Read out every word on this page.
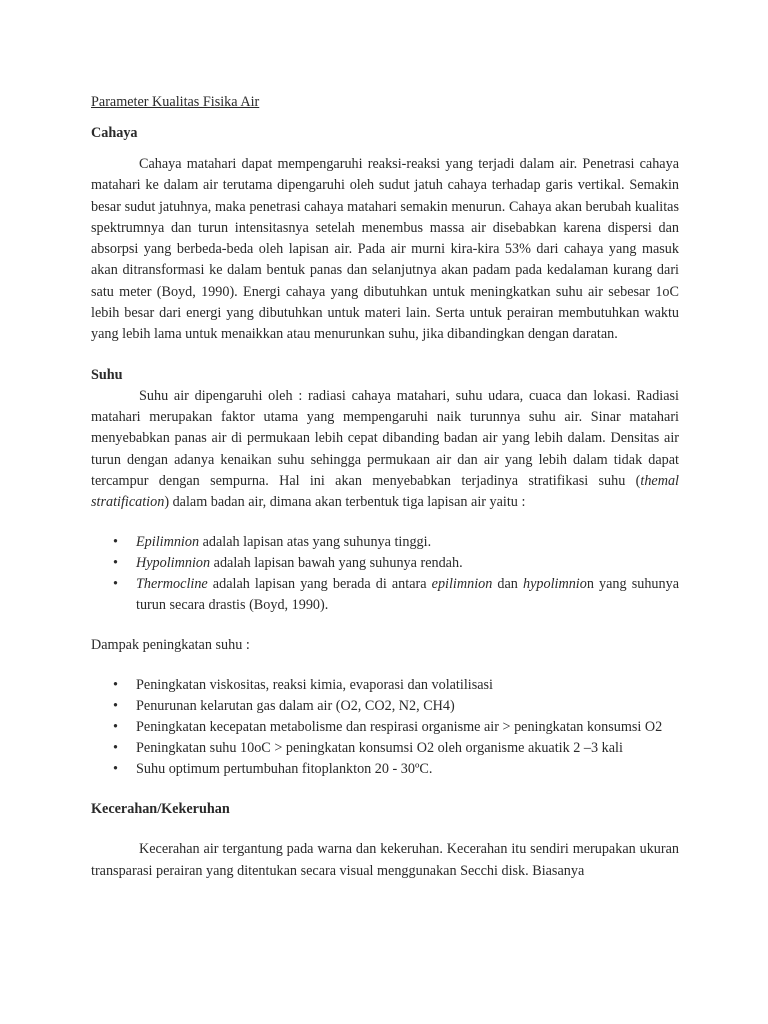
Parameter Kualitas Fisika Air
Cahaya

Cahaya matahari dapat mempengaruhi reaksi-reaksi yang terjadi dalam air. Penetrasi cahaya matahari ke dalam air terutama dipengaruhi oleh sudut jatuh cahaya terhadap garis vertikal. Semakin besar sudut jatuhnya, maka penetrasi cahaya matahari semakin menurun. Cahaya akan berubah kualitas spektrumnya dan turun intensitasnya setelah menembus massa air disebabkan karena dispersi dan absorpsi yang berbeda-beda oleh lapisan air. Pada air murni kira-kira 53% dari cahaya yang masuk akan ditransformasi ke dalam bentuk panas dan selanjutnya akan padam pada kedalaman kurang dari satu meter (Boyd, 1990). Energi cahaya yang dibutuhkan untuk meningkatkan suhu air sebesar 1oC lebih besar dari energi yang dibutuhkan untuk materi lain. Serta untuk perairan membutuhkan waktu yang lebih lama untuk menaikkan atau menurunkan suhu, jika dibandingkan dengan daratan.

Suhu

Suhu air dipengaruhi oleh : radiasi cahaya matahari, suhu udara, cuaca dan lokasi. Radiasi matahari merupakan faktor utama yang mempengaruhi naik turunnya suhu air. Sinar matahari menyebabkan panas air di permukaan lebih cepat dibanding badan air yang lebih dalam. Densitas air turun dengan adanya kenaikan suhu sehingga permukaan air dan air yang lebih dalam tidak dapat tercampur dengan sempurna. Hal ini akan menyebabkan terjadinya stratifikasi suhu (themal stratification) dalam badan air, dimana akan terbentuk tiga lapisan air yaitu :

• Epilimnion adalah lapisan atas yang suhunya tinggi.
• Hypolimnion adalah lapisan bawah yang suhunya rendah.
• Thermocline adalah lapisan yang berada di antara epilimnion dan hypolimnion yang suhunya turun secara drastis (Boyd, 1990).

Dampak peningkatan suhu :

• Peningkatan viskositas, reaksi kimia, evaporasi dan volatilisasi
• Penurunan kelarutan gas dalam air (O2, CO2, N2, CH4)
• Peningkatan kecepatan metabolisme dan respirasi organisme air > peningkatan konsumsi O2
• Peningkatan suhu 10oC > peningkatan konsumsi O2 oleh organisme akuatik 2 –3 kali
• Suhu optimum pertumbuhan fitoplankton 20 - 30ºC.
Kecerahan/Kekeruhan

Kecerahan air tergantung pada warna dan kekeruhan. Kecerahan itu sendiri merupakan ukuran transparasi perairan yang ditentukan secara visual menggunakan Secchi disk. Biasanya
